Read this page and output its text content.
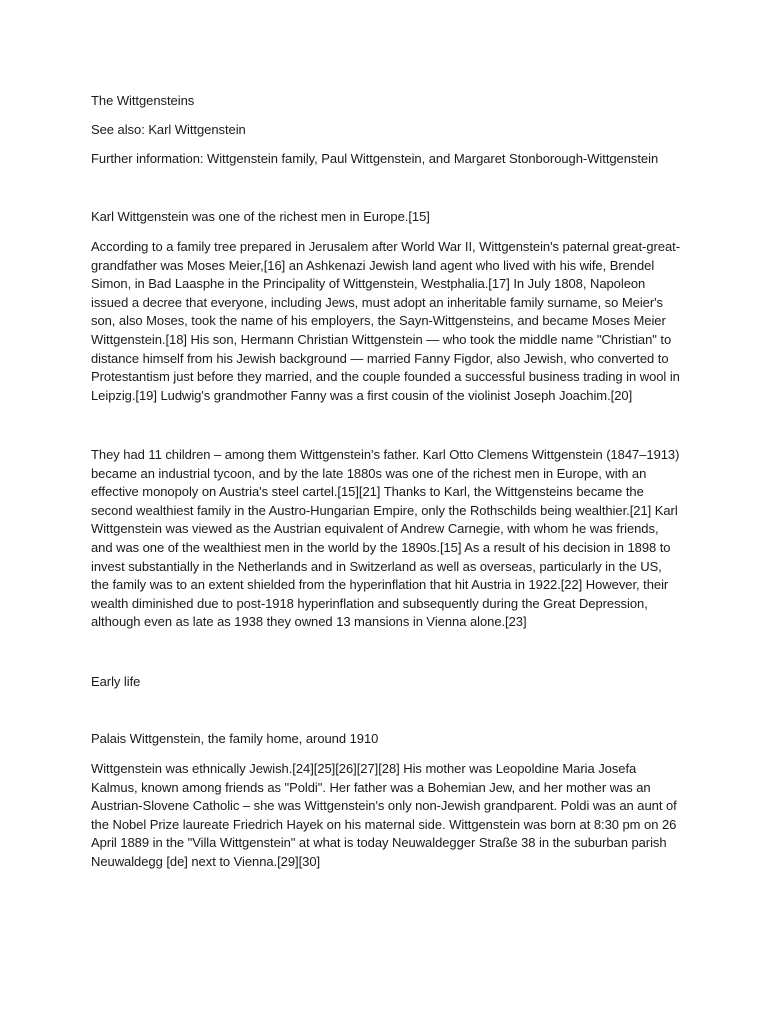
The Wittgensteins

See also: Karl Wittgenstein

Further information: Wittgenstein family, Paul Wittgenstein, and Margaret Stonborough-Wittgenstein

Karl Wittgenstein was one of the richest men in Europe.[15]

According to a family tree prepared in Jerusalem after World War II, Wittgenstein's paternal great-great-grandfather was Moses Meier,[16] an Ashkenazi Jewish land agent who lived with his wife, Brendel Simon, in Bad Laasphe in the Principality of Wittgenstein, Westphalia.[17] In July 1808, Napoleon issued a decree that everyone, including Jews, must adopt an inheritable family surname, so Meier's son, also Moses, took the name of his employers, the Sayn-Wittgensteins, and became Moses Meier Wittgenstein.[18] His son, Hermann Christian Wittgenstein — who took the middle name "Christian" to distance himself from his Jewish background — married Fanny Figdor, also Jewish, who converted to Protestantism just before they married, and the couple founded a successful business trading in wool in Leipzig.[19] Ludwig's grandmother Fanny was a first cousin of the violinist Joseph Joachim.[20]

They had 11 children – among them Wittgenstein's father. Karl Otto Clemens Wittgenstein (1847–1913) became an industrial tycoon, and by the late 1880s was one of the richest men in Europe, with an effective monopoly on Austria's steel cartel.[15][21] Thanks to Karl, the Wittgensteins became the second wealthiest family in the Austro-Hungarian Empire, only the Rothschilds being wealthier.[21] Karl Wittgenstein was viewed as the Austrian equivalent of Andrew Carnegie, with whom he was friends, and was one of the wealthiest men in the world by the 1890s.[15] As a result of his decision in 1898 to invest substantially in the Netherlands and in Switzerland as well as overseas, particularly in the US, the family was to an extent shielded from the hyperinflation that hit Austria in 1922.[22] However, their wealth diminished due to post-1918 hyperinflation and subsequently during the Great Depression, although even as late as 1938 they owned 13 mansions in Vienna alone.[23]

Early life

Palais Wittgenstein, the family home, around 1910

Wittgenstein was ethnically Jewish.[24][25][26][27][28] His mother was Leopoldine Maria Josefa Kalmus, known among friends as "Poldi". Her father was a Bohemian Jew, and her mother was an Austrian-Slovene Catholic – she was Wittgenstein's only non-Jewish grandparent. Poldi was an aunt of the Nobel Prize laureate Friedrich Hayek on his maternal side. Wittgenstein was born at 8:30 pm on 26 April 1889 in the "Villa Wittgenstein" at what is today Neuwaldegger Straße 38 in the suburban parish Neuwaldegg [de] next to Vienna.[29][30]
